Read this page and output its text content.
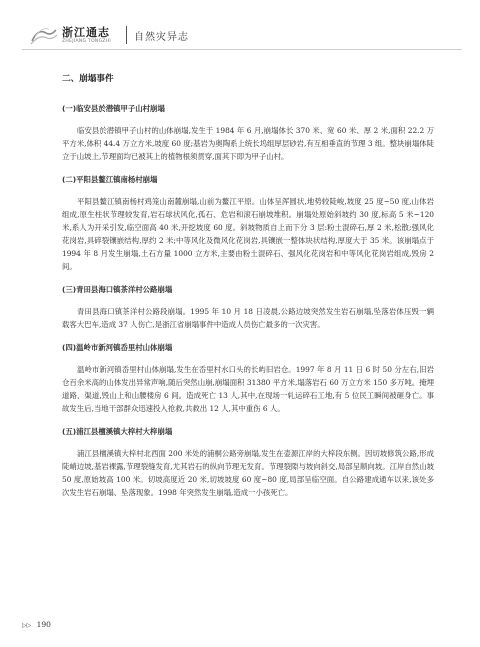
浙江通志
ZHEJIANG TONGZHI 自然灾异志
二、崩塌事件
(一)临安县於潜镇甲子山村崩塌

临安县於潜镇甲子山村的山体崩塌,发生于 1984 年 6 月,崩塌体长 370 米、宽 60 米、厚 2 米,面积 22.2 万平方米,体积 44.4 万立方米,坡度 60 度;基岩为奥陶系上统长坞组厚层砂岩,有互相垂直的节理 3 组。整块崩塌体陡立于山坡上,节理面均已被其上的植物根须贯穿,面其下即为甲子山村。

(二)平阳县鳌江镇南杨村崩塌

平阳县鳌江镇南杨村鸡笼山南麓崩塌,山前为鳌江平原。山体呈浑圆状,地势较陡峻,坡度 25 度~50 度,山体岩组成,原生柱状节理较发育,岩石球状风化,孤石、危岩和滚石崩坡堆积。崩塌处原始斜坡约 30 度,标高 5 米~120 米,系人为开采引发,临空面高 40 米,开挖坡度 60 度。斜坡物质自上而下分 3 层:粉土混碎石,厚 2 米,松散;强风化花岗岩,具碎裂镶嵌结构,厚约 2 米;中等风化及微风化花岗岩,具镶嵌一整体块状结构,厚度大于 35 米。该崩塌点于 1994 年 8 月发生崩塌,土石方量 1000 立方米,主要由粉土混碎石、强风化花岗岩和中等风化花岗岩组成,毁房 2 间。

(三)青田县海口镇茶洋村公路崩塌

青田县海口镇茶洋村公路段崩塌。1995 年 10 月 18 日凌晨,公路边坡突然发生岩石崩塌,坠落岩体压毁一辆载客大巴车,造成 37 人伤亡,是浙江省崩塌事件中造成人员伤亡最多的一次灾害。

(四)温岭市新河镇岙里村山体崩塌

温岭市新河镇岙里村山体崩塌,发生在岙里村水口头的长屿旧岩仓。1997 年 8 月 11 日 6 时 50 分左右,旧岩仓百余米高的山体发出异常声响,随后突然山崩,崩塌面积 31380 平方米,塌落岩石 60 万立方米 150 多万吨。掩埋道路、渠道,毁山上和山腰楼房 6 间。造成死亡 13 人,其中,在现场一轧运碎石工地,有 5 位民工瞬间被砸身亡。事故发生后,当地干部群众迅速投入抢救,共救出 12 人,其中重伤 6 人。

(五)浦江县檀溪镇大梓村大梓崩塌

浦江县檀溪镇大梓村北西面 200 米处的浦桐公路旁崩塌,发生在壶源江岸的大梓段东侧。因切坡修筑公路,形成陡峭边坡,基岩裸露,节理裂缝发育,尤其岩石的纵向节理无发育。节理裂隙与坡向斜交,局部呈顺向坡。江岸自然山坡 50 度,原始坡高 100 米。切坡高度近 20 米,切坡坡度 60 度~80 度,局部呈临空面。自公路建成通车以来,该处多次发生岩石崩塌、坠落现象。1998 年突然发生崩塌,造成一小孩死亡。

▷▷ 190
